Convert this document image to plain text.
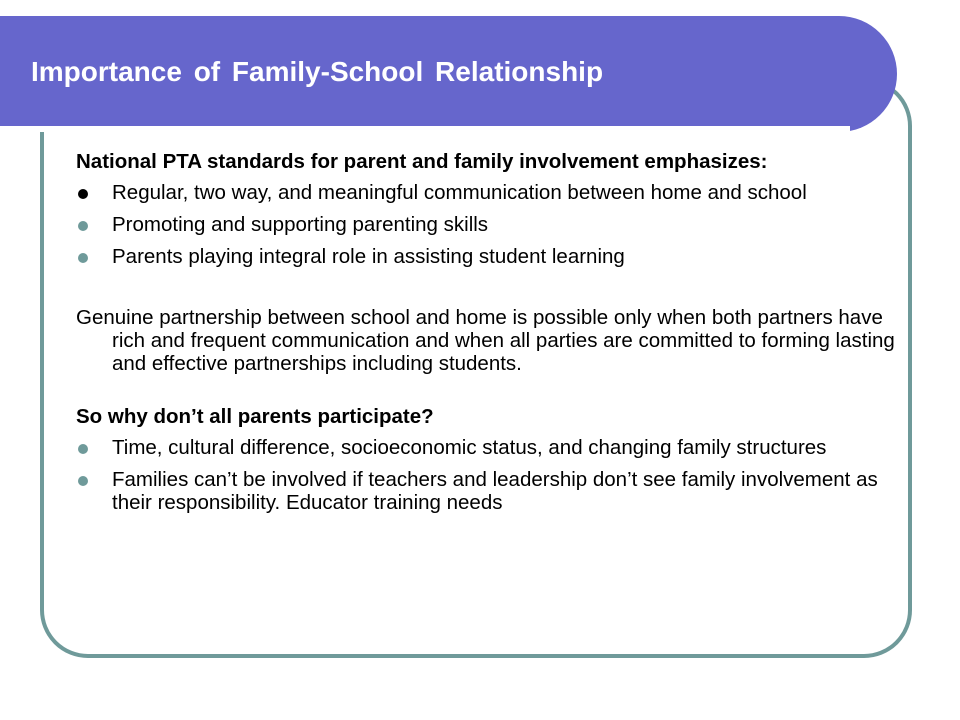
Importance of Family-School Relationship

National PTA standards for parent and family involvement emphasizes:

Regular, two way, and meaningful communication between home and school

Promoting and supporting parenting skills

Parents playing integral role in assisting student learning

Genuine partnership between school and home is possible only when both partners have rich and frequent communication and when all parties are committed to forming lasting and effective partnerships including students.

So why don’t all parents participate?

Time, cultural difference, socioeconomic status, and changing family structures

Families can’t be involved if teachers and leadership don’t see family involvement as their responsibility. Educator training needs
